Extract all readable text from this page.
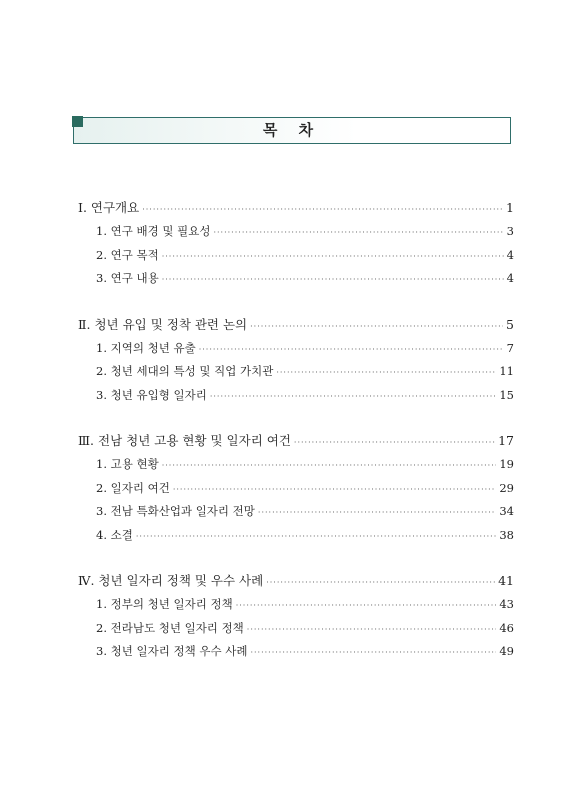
목 차
Ⅰ. 연구개요 ·····	1
1. 연구 배경 및 필요성 ·····	3
2. 연구 목적 ·····	4
3. 연구 내용 ·····	4
Ⅱ. 청년 유입 및 정착 관련 논의 ·····	5
1. 지역의 청년 유출 ·····	7
2. 청년 세대의 특성 및 직업 가치관 ·····	11
3. 청년 유입형 일자리 ·····	15
Ⅲ. 전남 청년 고용 현황 및 일자리 여건 ·····	17
1. 고용 현황 ·····	19
2. 일자리 여건 ·····	29
3. 전남 특화산업과 일자리 전망 ·····	34
4. 소결 ·····	38
Ⅳ. 청년 일자리 정책 및 우수 사례 ·····	41
1. 정부의 청년 일자리 정책 ·····	43
2. 전라남도 청년 일자리 정책 ·····	46
3. 청년 일자리 정책 우수 사례 ·····	49
